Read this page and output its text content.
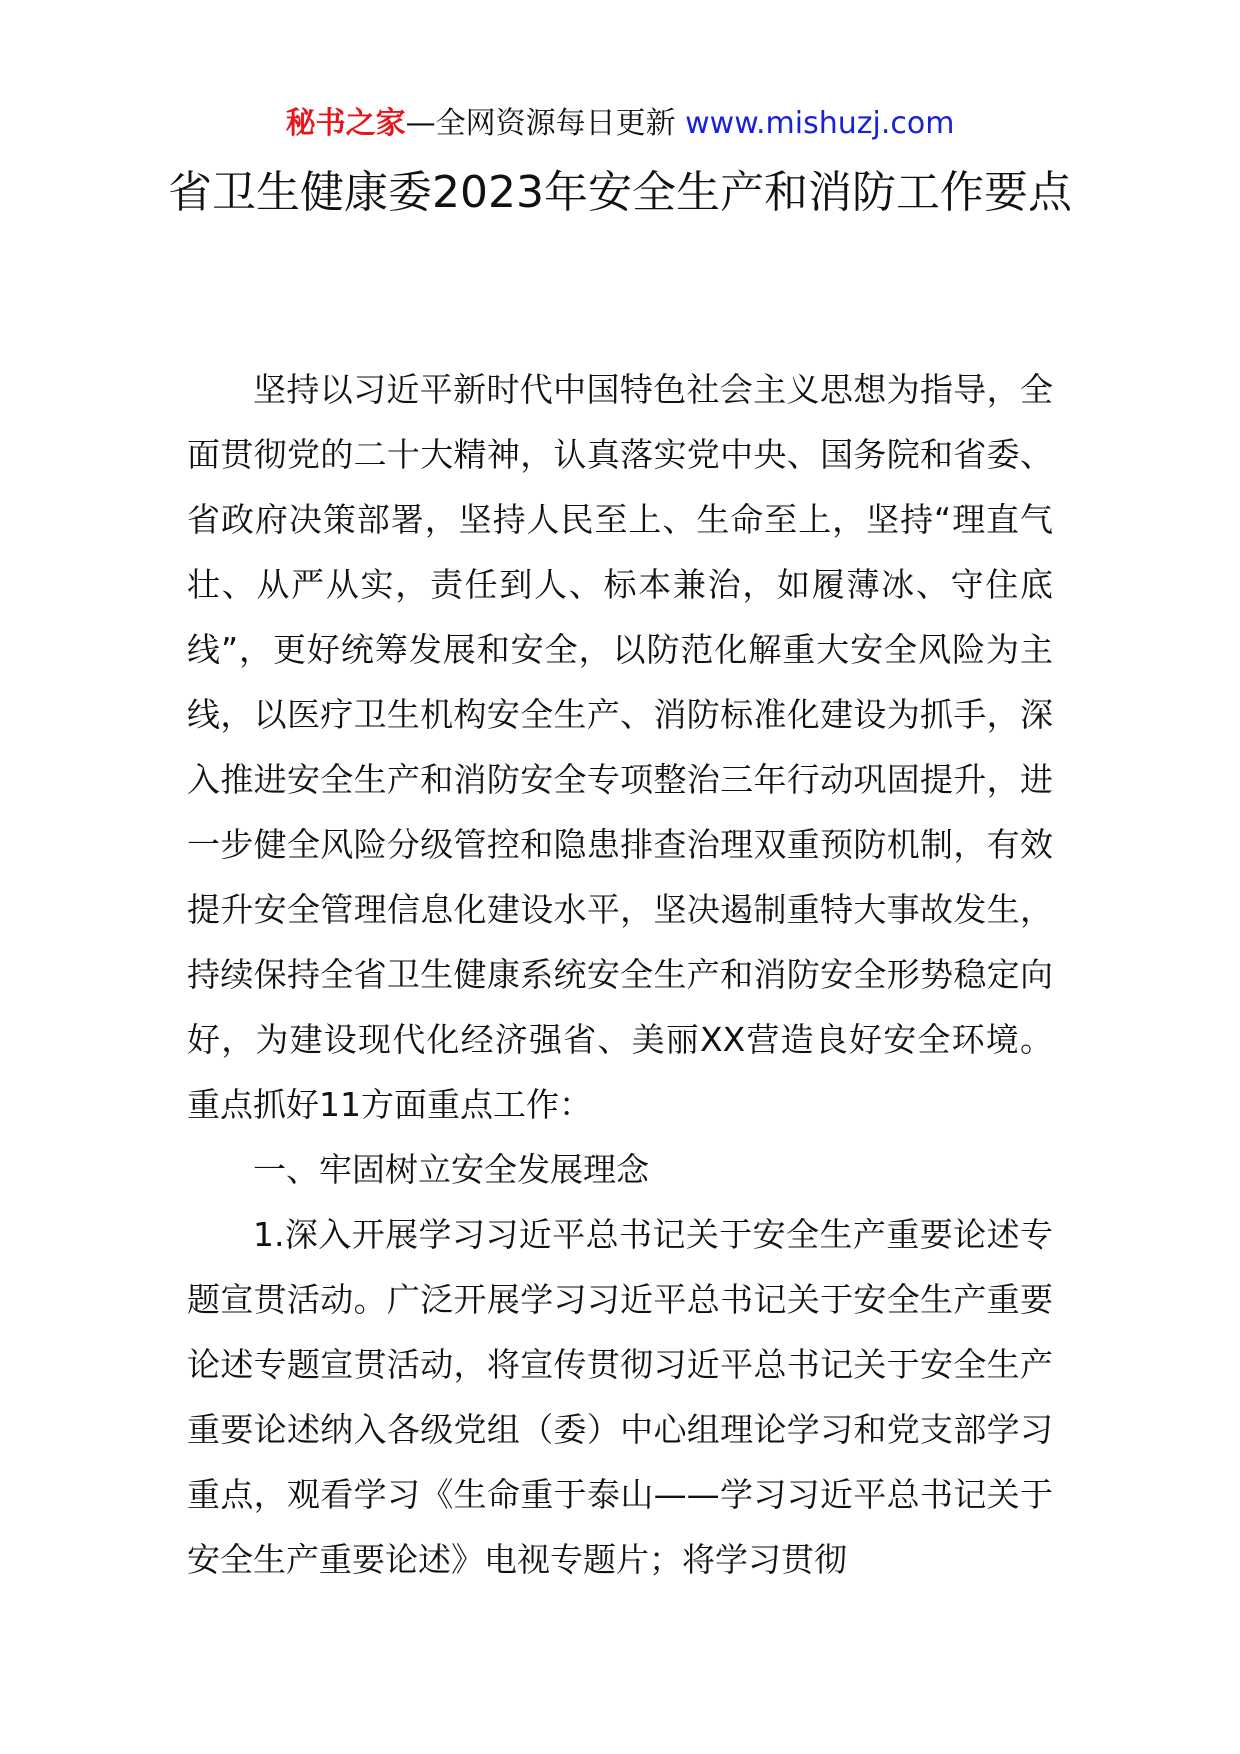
秘书之家—全网资源每日更新 www.mishuzj.com
省卫生健康委2023年安全生产和消防工作要点

坚持以习近平新时代中国特色社会主义思想为指导，全面贯彻党的二十大精神，认真落实党中央、国务院和省委、省政府决策部署，坚持人民至上、生命至上，坚持“理直气壮、从严从实，责任到人、标本兼治，如履薄冰、守住底线”，更好统筹发展和安全，以防范化解重大安全风险为主线，以医疗卫生机构安全生产、消防标准化建设为抓手，深入推进安全生产和消防安全专项整治三年行动巩固提升，进一步健全风险分级管控和隐患排查治理双重预防机制，有效提升安全管理信息化建设水平，坚决遏制重特大事故发生，持续保持全省卫生健康系统安全生产和消防安全形势稳定向好，为建设现代化经济强省、美丽XX营造良好安全环境。重点抓好11方面重点工作：

一、牢固树立安全发展理念

1.深入开展学习习近平总书记关于安全生产重要论述专题宣贯活动。广泛开展学习习近平总书记关于安全生产重要论述专题宣贯活动，将宣传贯彻习近平总书记关于安全生产重要论述纳入各级党组（委）中心组理论学习和党支部学习重点，观看学习《生命重于泰山——学习习近平总书记关于安全生产重要论述》电视专题片；将学习贯彻
